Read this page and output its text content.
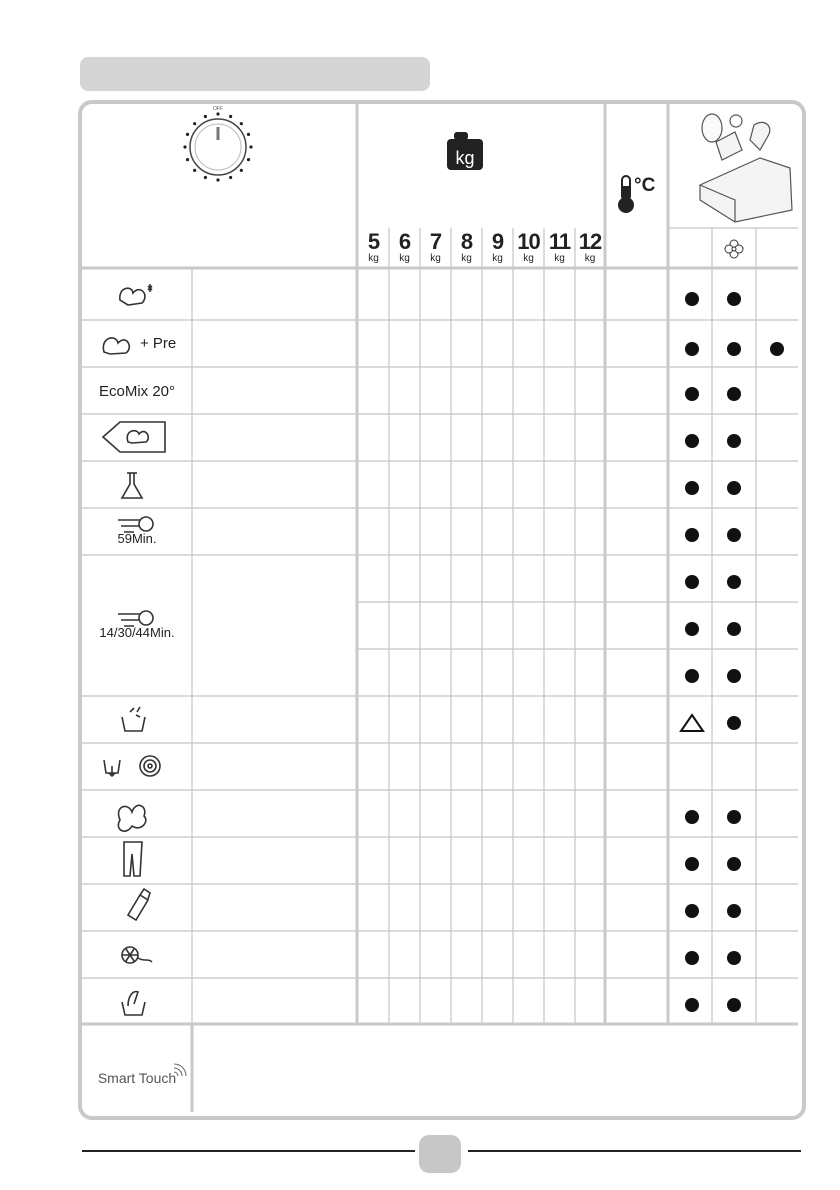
OFF
kg
°C
5
kg
6
kg
7
kg
8
kg
9
kg
10
kg
11
kg
12
kg
+ Pre
EcoMix 20°
59Min.
14/30/44Min.
Smart Touch
